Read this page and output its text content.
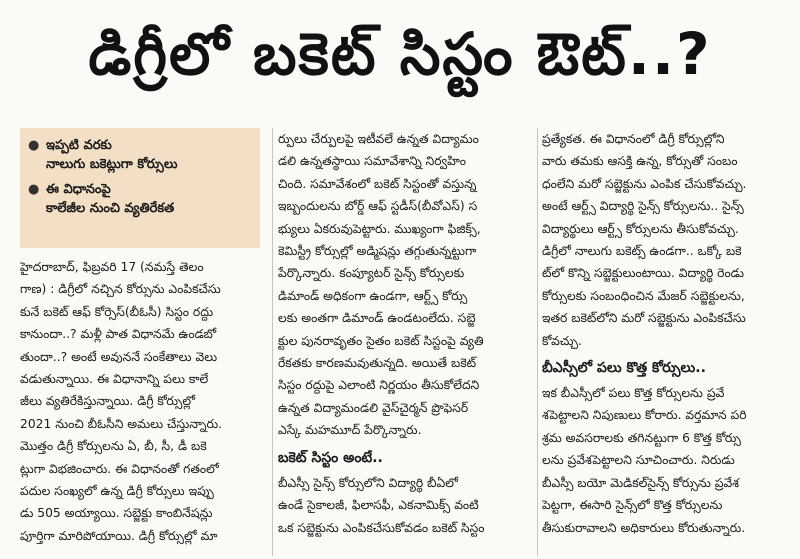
డిగ్రీలో బకెట్ సిస్టం ఔట్..?
● ఇప్పటి వరకు
నాలుగు బకెట్లుగా కోర్సులు
● ఈ విధానంపై
కాలేజీల నుంచి వ్యతిరేకత
హైదరాబాద్, ఫిబ్రవరి 17 (నమస్తే తెలం
గాణ) : డిగ్రీలో నచ్చిన కోర్సును ఎంపికచేసు
కునే బకెట్ ఆఫ్ కోర్సెస్(బీఓసీ) సిస్టం రద్దు
కానుందా..? మళ్లీ పాత విధానమే ఉండబో
తుందా..? అంటే అవుననే సంకేతాలు వెలు
వడుతున్నాయి. ఈ విధానాన్ని పలు కాలే
జీలు వ్యతిరేకిస్తున్నాయి. డిగ్రీ కోర్సుల్లో
2021 నుంచి బీఓసీని అమలు చేస్తున్నారు.
మొత్తం డిగ్రీ కోర్సులను ఏ, బీ, సీ, డీ బకె
ట్లుగా విభజించారు. ఈ విధానంతో గతంలో
పదుల సంఖ్యలో ఉన్న డిగ్రీ కోర్సులు ఇప్పు
డు 505 అయ్యాయి. సబ్జెక్టు కాంబినేషన్లు
పూర్తిగా మారిపోయాయి. డిగ్రీ కోర్సుల్లో మా
ర్పులు చేర్పులపై ఇటీవలే ఉన్నత విద్యామం
డలి ఉన్నతస్థాయి సమావేశాన్ని నిర్వహిం
చింది. సమావేశంలో బకెట్ సిస్టంతో వస్తున్న
ఇబ్బందులను బోర్డ్ ఆఫ్ స్టడీస్(బీవోఎస్) స
భ్యులు ఏకరువుపెట్టారు. ముఖ్యంగా ఫిజిక్స్,
కెమిస్ట్రీ కోర్సుల్లో అడ్మిషన్లు తగ్గుతున్నట్టుగా
పేర్కొన్నారు. కంప్యూటర్ సైన్స్ కోర్సులకు
డిమాండ్ అధికంగా ఉండగా, ఆర్ట్స్ కోర్సు
లకు అంతగా డిమాండ్ ఉండటంలేదు. సబ్జె
క్టుల పునరావృతం సైతం బకెట్ సిస్టంపై వ్యతి
రేకతకు కారణమవుతున్నది. అయితే బకెట్
సిస్టం రద్దుపై ఎలాంటి నిర్ణయం తీసుకోలేదని
ఉన్నత విద్యామండలి వైస్‌చైర్మన్ ప్రొఫెసర్
ఎస్కే మహమూద్ పేర్కొన్నారు.
బకెట్ సిస్టం అంటే..
బీఎస్సీ సైన్స్ కోర్సులోని విద్యార్థి బీఏలో
ఉండే సైకాలజీ, ఫిలాసఫీ, ఎకనామిక్స్ వంటి
ఒక సబ్జెక్టును ఎంపికచేసుకోవడం బకెట్ సిస్టం
ప్రత్యేకత. ఈ విధానంలో డిగ్రీ కోర్సుల్లోని
వారు తమకు ఆసక్తి ఉన్న, కోర్సుతో సంబం
ధంలేని మరో సబ్జెక్టును ఎంపిక చేసుకోవచ్చు.
అంటే ఆర్ట్స్ విద్యార్థి సైన్స్ కోర్సులను.. సైన్స్
విద్యార్థులు ఆర్ట్స్ కోర్సులను తీసుకోవచ్చు.
డిగ్రీలో నాలుగు బకెట్స్ ఉండగా.. ఒక్కో బకె
ట్‌లో కొన్ని సబ్జెక్టులుంటాయి. విద్యార్థి రెండు
కోర్సులకు సంబంధించిన మేజర్ సబ్జెక్టులను,
ఇతర బకెట్‌లోని మరో సబ్జెక్టును ఎంపికచేసు
కోవచ్చు.
బీఎస్సీలో పలు కొత్త కోర్సులు..
ఇక బీఎస్సీలో పలు కొత్త కోర్సులను ప్రవే
శపెట్టాలని నిపుణులు కోరారు. వర్తమాన పరి
శ్రమ అవసరాలకు తగినట్టుగా 6 కొత్త కోర్సు
లను ప్రవేశపెట్టాలని సూచించారు. నిరుడు
బీఎస్సీ బయో మెడికల్‌సైన్స్ కోర్సును ప్రవేశ
పెట్టగా, ఈసారి సైన్స్‌లో కొత్త కోర్సులను
తీసుకురావాలని అధికారులు కోరుతున్నారు.
